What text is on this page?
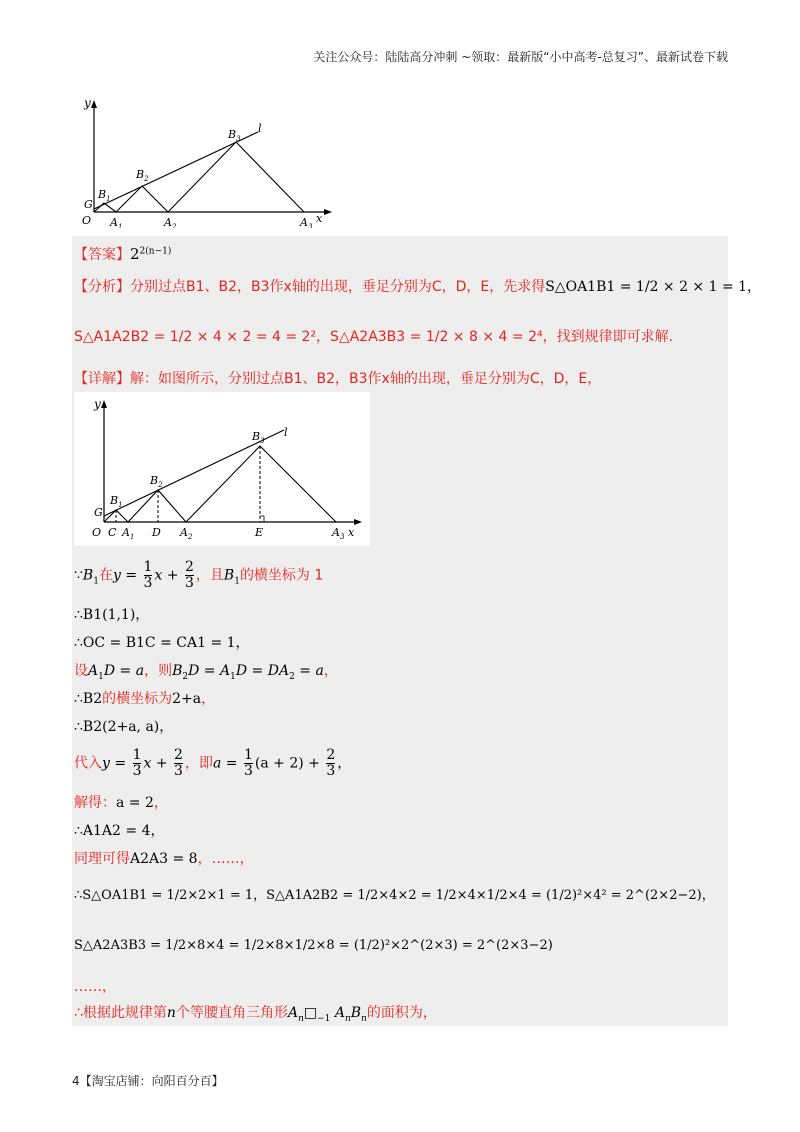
关注公众号：陆陆高分冲刺 ~领取：最新版“小中高考-总复习”、最新试卷下载
y
$B_3$
l
$B_2$
$B_1$
G
O $A_1$	$A_2$	$A_3$
x
【答案】$2^{2(n-1)}$
【分析】分别过点B1、B2，B3作x轴的出现，垂足分别为C，D，E，先求得S△OA1B1 = 1/2 × 2 × 1 = 1，
S△A1A2B2 = 1/2 × 4 × 2 = 4 = 2²，S△A2A3B3 = 1/2 × 8 × 4 = 2⁴，找到规律即可求解.
【详解】解：如图所示，分别过点B1、B2，B3作x轴的出现，垂足分别为C，D，E，
y
$B_3$
l
$B_2$
$B_1$
G
O C $A_1$ D $A_2$	E	$A_3$ x
$\because B_1$在$y = \frac{1}{3}$ $x + \frac{2}{3}$ ，且$B_1$的横坐标为 1
∴B1(1,1)，
∴OC = B1C = CA1 = 1，
设$A_1D = a$，则$B_2D = A_1D = DA_2 = a$，
∴B2的横坐标为2+a，
∴B2(2+a, a)，
代入$y = \frac{1}{3}$ $x + \frac{2}{3}$ ，即$a = \frac{1}{3} (a + 2) + \frac{2}{3}$ ，
解得：a = 2，
∴A1A2 = 4，
同理可得A2A3 = 8，……，
∴S△OA1B1 = 1/2×2×1 = 1，S△A1A2B2 = 1/2×4×2 = 1/2×4×1/2×4 = (1/2)²×4² = 2^(2×2−2)，
S△A2A3B3 = 1/2×8×4 = 1/2×8×1/2×8 = (1/2)²×2^(2×3) = 2^(2×3−2)
……，
∴根据此规律第n个等腰直角三角形$A_n□_{-1}$ $A_nB_n$的面积为，
4【淘宝店铺：向阳百分百】
